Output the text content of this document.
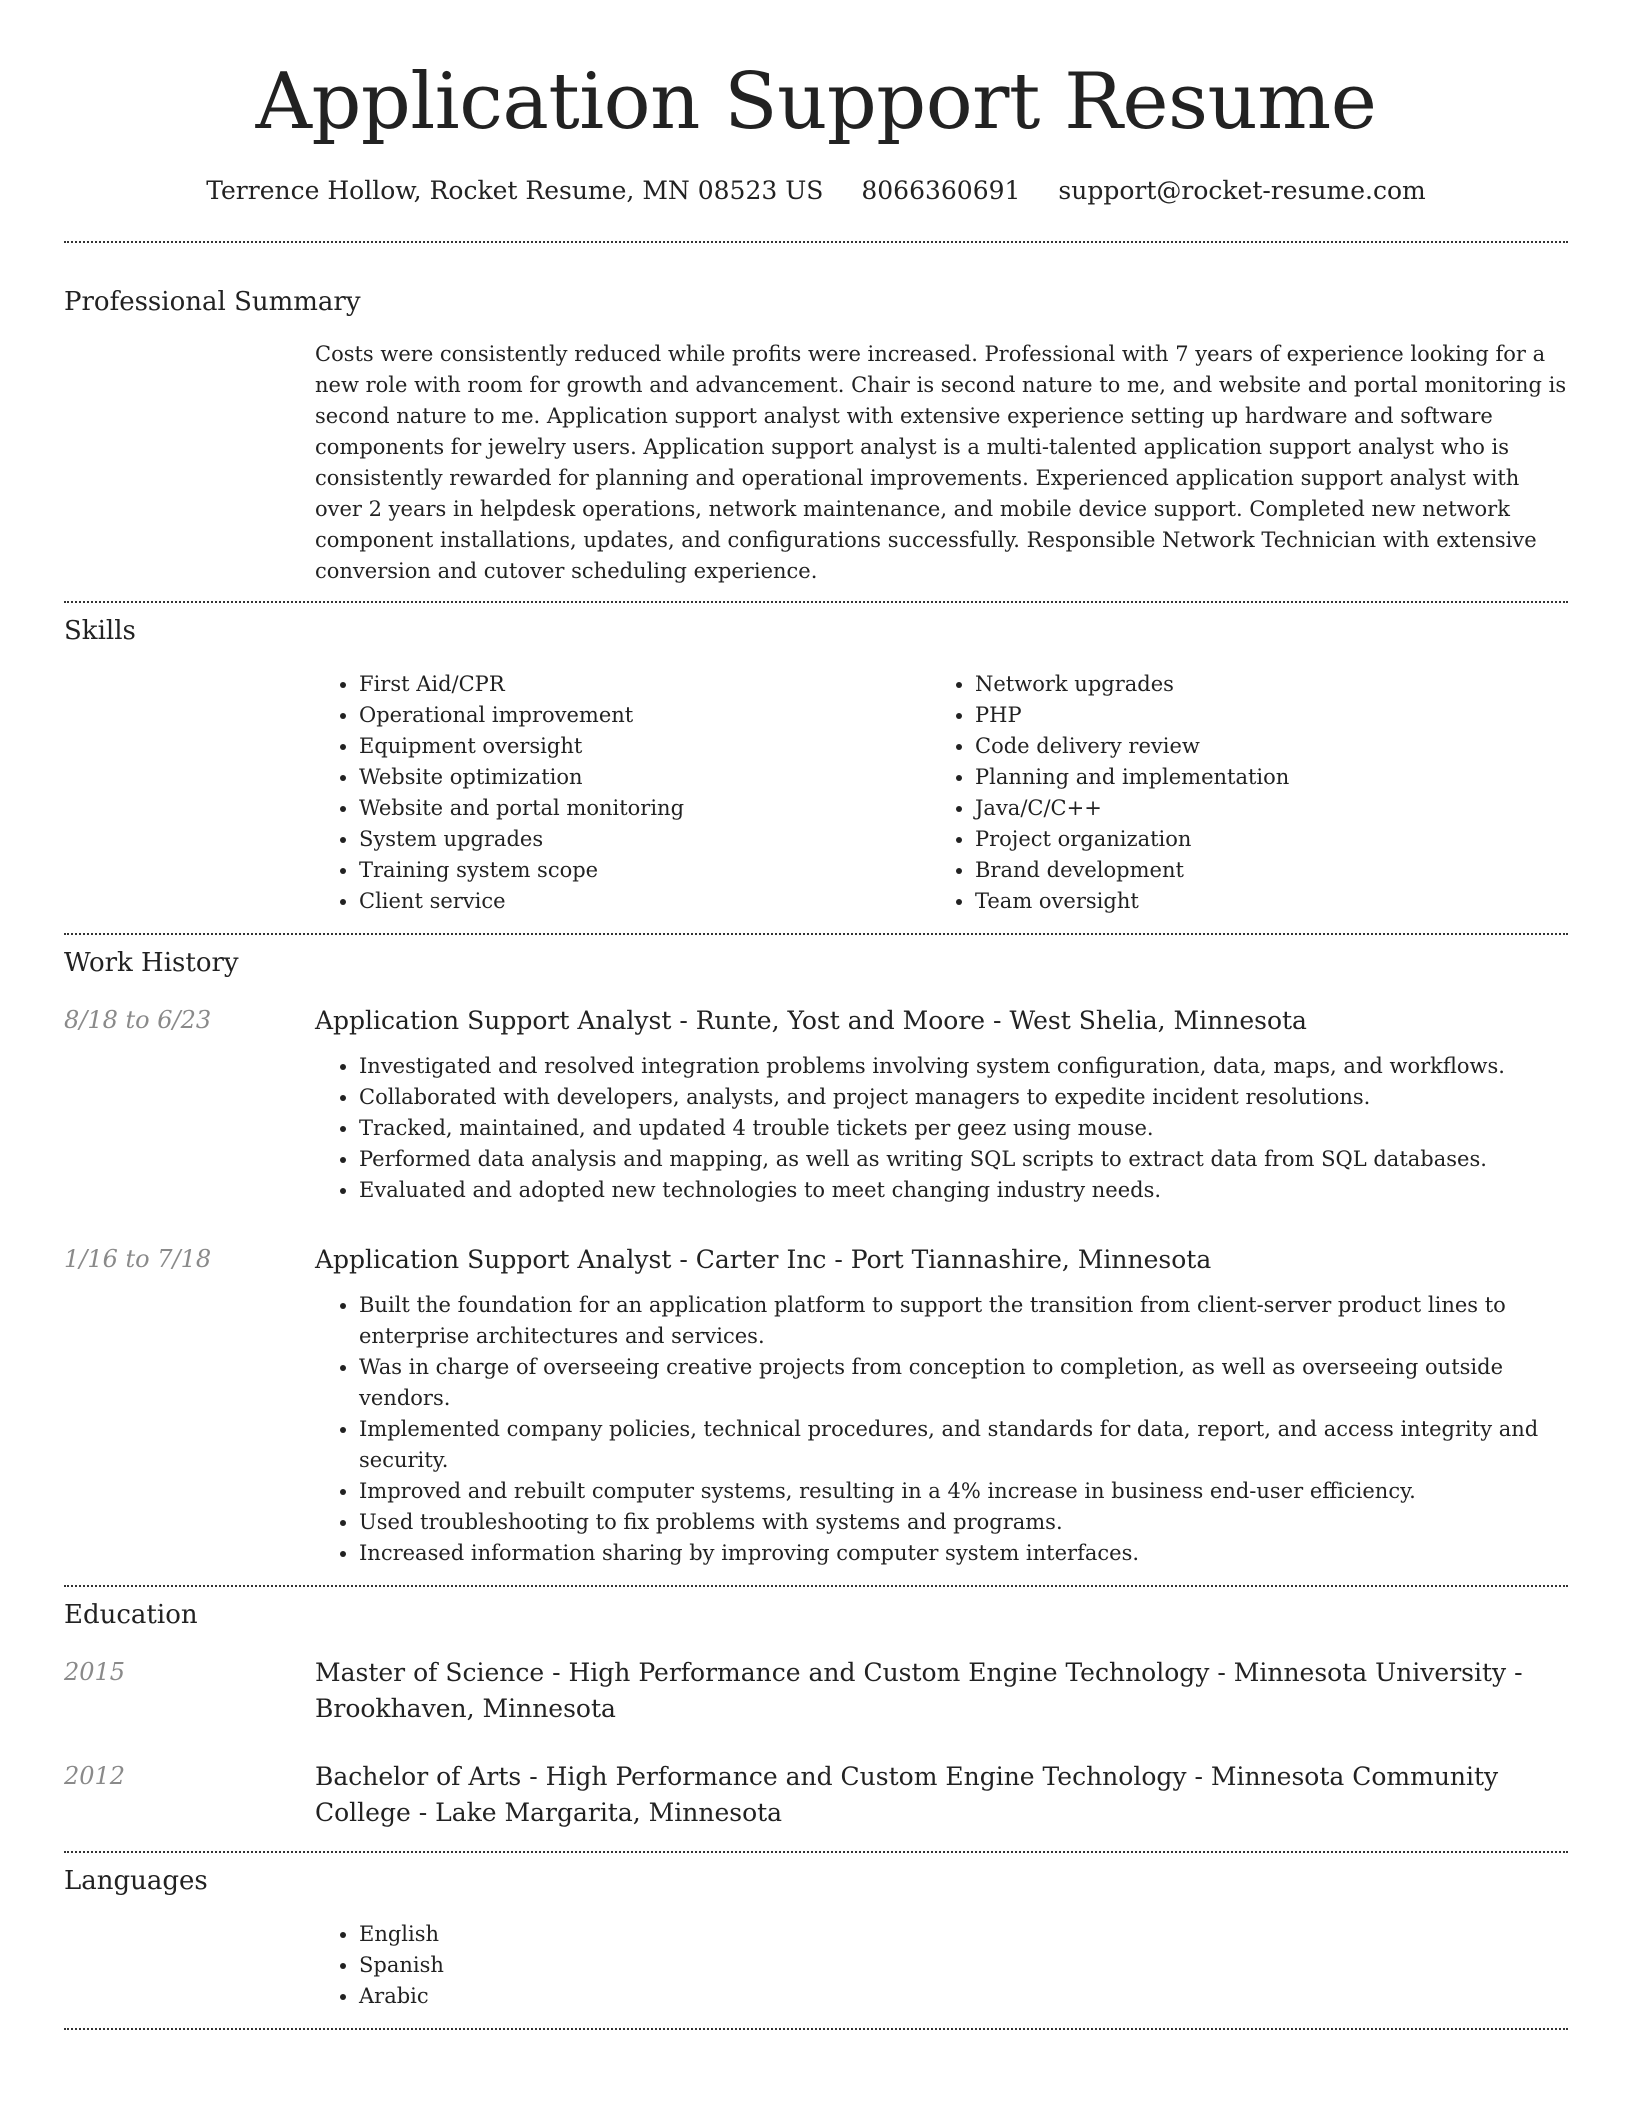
Application Support Resume
Terrence Hollow, Rocket Resume, MN 08523 US 8066360691 support@rocket-resume.com
Professional Summary

Costs were consistently reduced while profits were increased. Professional with 7 years of experience looking for a new role with room for growth and advancement. Chair is second nature to me, and website and portal monitoring is second nature to me. Application support analyst with extensive experience setting up hardware and software components for jewelry users. Application support analyst is a multi-talented application support analyst who is consistently rewarded for planning and operational improvements. Experienced application support analyst with over 2 years in helpdesk operations, network maintenance, and mobile device support. Completed new network component installations, updates, and configurations successfully. Responsible Network Technician with extensive conversion and cutover scheduling experience.

Skills
• First Aid/CPR
• Operational improvement
• Equipment oversight
• Website optimization
• Website and portal monitoring
• System upgrades
• Training system scope
• Client service
• Network upgrades
• PHP
• Code delivery review
• Planning and implementation
• Java/C/C++
• Project organization
• Brand development
• Team oversight
Work History
8/18 to 6/23	Application Support Analyst - Runte, Yost and Moore - West Shelia, Minnesota
• Investigated and resolved integration problems involving system configuration, data, maps, and workflows.
• Collaborated with developers, analysts, and project managers to expedite incident resolutions.
• Tracked, maintained, and updated 4 trouble tickets per geez using mouse.
• Performed data analysis and mapping, as well as writing SQL scripts to extract data from SQL databases.
• Evaluated and adopted new technologies to meet changing industry needs.
1/16 to 7/18	Application Support Analyst - Carter Inc - Port Tiannashire, Minnesota
• Built the foundation for an application platform to support the transition from client-server product lines to enterprise architectures and services.
• Was in charge of overseeing creative projects from conception to completion, as well as overseeing outside vendors.
• Implemented company policies, technical procedures, and standards for data, report, and access integrity and security.
• Improved and rebuilt computer systems, resulting in a 4% increase in business end-user efficiency.
• Used troubleshooting to fix problems with systems and programs.
• Increased information sharing by improving computer system interfaces.
Education
2015	Master of Science - High Performance and Custom Engine Technology - Minnesota University - Brookhaven, Minnesota
2012	Bachelor of Arts - High Performance and Custom Engine Technology - Minnesota Community College - Lake Margarita, Minnesota
Languages
• English
• Spanish
• Arabic
